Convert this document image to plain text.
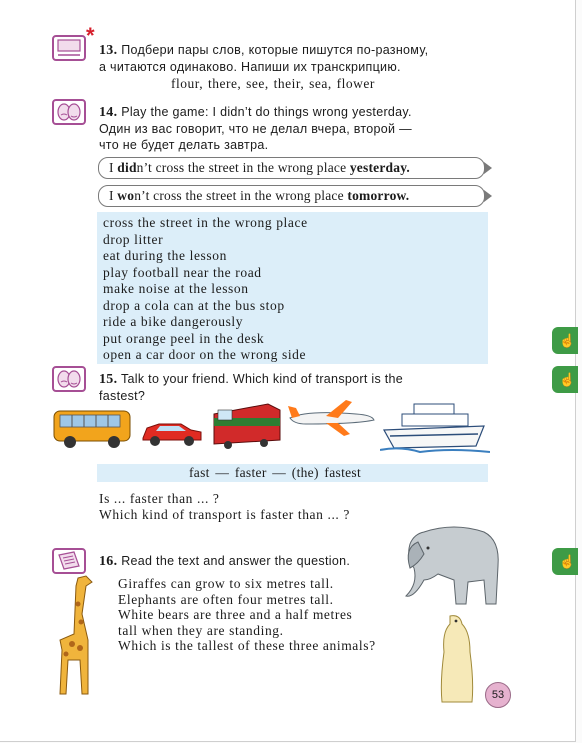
*
13. Подбери пары слов, которые пишутся по-разному,
а читаются одинаково. Напиши их транскрипцию.
flour, there, see, their, sea, flower
14. Play the game: I didn’t do things wrong yesterday.
Один из вас говорит, что не делал вчера, второй —
что не будет делать завтра.
I didn’t cross the street in the wrong place yesterday.
I won’t cross the street in the wrong place tomorrow.
cross the street in the wrong place
drop litter
eat during the lesson
play football near the road
make noise at the lesson
drop a cola can at the bus stop
ride a bike dangerously
put orange peel in the desk
open a car door on the wrong side
☝
☝
☝
15. Talk to your friend. Which kind of transport is the
fastest?
fast — faster — (the) fastest
Is ... faster than ... ?
Which kind of transport is faster than ... ?
16. Read the text and answer the question.
Giraffes can grow to six metres tall.
Elephants are often four metres tall.
White bears are three and a half metres
tall when they are standing.
Which is the tallest of these three animals?
53
